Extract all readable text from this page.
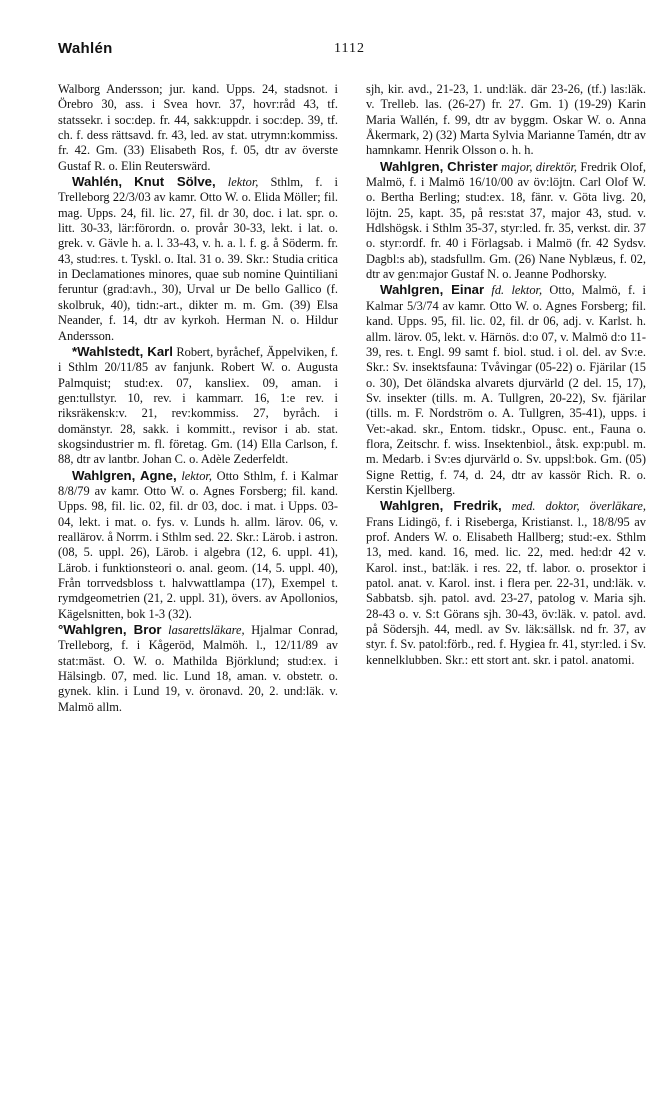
Wahlén	1112

Walborg Andersson; jur. kand. Upps. 24, stadsnot. i Örebro 30, ass. i Svea hovr. 37, hovr:råd 43, tf. statssekr. i soc:dep. fr. 44, sakk:uppdr. i soc:dep. 39, tf. ch. f. dess rättsavd. fr. 43, led. av stat. utrymn:kommiss. fr. 42. Gm. (33) Elisabeth Ros, f. 05, dtr av överste Gustaf R. o. Elin Reuterswärd.

Wahlén, Knut Sölve, lektor, Sthlm, f. i Trelleborg 22/3/03 av kamr. Otto W. o. Elida Möller; fil. mag. Upps. 24, fil. lic. 27, fil. dr 30, doc. i lat. spr. o. litt. 30-33, lär:förordn. o. provår 30-33, lekt. i lat. o. grek. v. Gävle h. a. l. 33-43, v. h. a. l. f. g. å Söderm. fr. 43, stud:res. t. Tyskl. o. Ital. 31 o. 39. Skr.: Studia critica in Declamationes minores, quae sub nomine Quintiliani feruntur (grad:avh., 30), Urval ur De bello Gallico (f. skolbruk, 40), tidn:-art., dikter m. m. Gm. (39) Elsa Neander, f. 14, dtr av kyrkoh. Herman N. o. Hildur Andersson.

*Wahlstedt, Karl Robert, byråchef, Äppelviken, f. i Sthlm 20/11/85 av fanjunk. Robert W. o. Augusta Palmquist; stud:ex. 07, kansliex. 09, aman. i gen:tullstyr. 10, rev. i kammarr. 16, 1:e rev. i riksräkensk:v. 21, rev:kommiss. 27, byråch. i domänstyr. 28, sakk. i kommitt., revisor i ab. stat. skogsindustrier m. fl. företag. Gm. (14) Ella Carlson, f. 88, dtr av lantbr. Johan C. o. Adèle Zederfeldt.

Wahlgren, Agne, lektor, Otto Sthlm, f. i Kalmar 8/8/79 av kamr. Otto W. o. Agnes Forsberg; fil. kand. Upps. 98, fil. lic. 02, fil. dr 03, doc. i mat. i Upps. 03-04, lekt. i mat. o. fys. v. Lunds h. allm. lärov. 06, v. reallärov. å Norrm. i Sthlm sed. 22. Skr.: Lärob. i astron. (08, 5. uppl. 26), Lärob. i algebra (12, 6. uppl. 41), Lärob. i funktionsteori o. anal. geom. (14, 5. uppl. 40), Från torrvedsbloss t. halvwattlampa (17), Exempel t. rymdgeometrien (21, 2. uppl. 31), övers. av Apollonios, Kägelsnitten, bok 1-3 (32).

°Wahlgren, Bror lasarettsläkare, Hjalmar Conrad, Trelleborg, f. i Kågeröd, Malmöh. l., 12/11/89 av stat:mäst. O. W. o. Mathilda Björklund; stud:ex. i Hälsingb. 07, med. lic. Lund 18, aman. v. obstetr. o. gynek. klin. i Lund 19, v. öronavd. 20, 2. und:läk. v. Malmö allm.

sjh, kir. avd., 21-23, 1. und:läk. där 23-26, (tf.) las:läk. v. Trelleb. las. (26-27) fr. 27. Gm. 1) (19-29) Karin Maria Wallén, f. 99, dtr av byggm. Oskar W. o. Anna Åkermark, 2) (32) Marta Sylvia Marianne Tamén, dtr av hamnkamr. Henrik Olsson o. h. h.

Wahlgren, Christer major, direktör, Fredrik Olof, Malmö, f. i Malmö 16/10/00 av öv:löjtn. Carl Olof W. o. Bertha Berling; stud:ex. 18, fänr. v. Göta livg. 20, löjtn. 25, kapt. 35, på res:stat 37, major 43, stud. v. Hdlshögsk. i Sthlm 35-37, styr:led. fr. 35, verkst. dir. 37 o. styr:ordf. fr. 40 i Förlagsab. i Malmö (fr. 42 Sydsv. Dagbl:s ab), stadsfullm. Gm. (26) Nane Nyblæus, f. 02, dtr av gen:major Gustaf N. o. Jeanne Podhorsky.

Wahlgren, Einar fd. lektor, Otto, Malmö, f. i Kalmar 5/3/74 av kamr. Otto W. o. Agnes Forsberg; fil. kand. Upps. 95, fil. lic. 02, fil. dr 06, adj. v. Karlst. h. allm. lärov. 05, lekt. v. Härnös. d:o 07, v. Malmö d:o 11-39, res. t. Engl. 99 samt f. biol. stud. i ol. del. av Sv:e. Skr.: Sv. insektsfauna: Tvåvingar (05-22) o. Fjärilar (15 o. 30), Det öländska alvarets djurvärld (2 del. 15, 17), Sv. insekter (tills. m. A. Tullgren, 20-22), Sv. fjärilar (tills. m. F. Nordström o. A. Tullgren, 35-41), upps. i Vet:-akad. skr., Entom. tidskr., Opusc. ent., Fauna o. flora, Zeitschr. f. wiss. Insektenbiol., åtsk. exp:publ. m. m. Medarb. i Sv:es djurvärld o. Sv. uppsl:bok. Gm. (05) Signe Rettig, f. 74, d. 24, dtr av kassör Rich. R. o. Kerstin Kjellberg.

Wahlgren, Fredrik, med. doktor, överläkare, Frans Lidingö, f. i Riseberga, Kristianst. l., 18/8/95 av prof. Anders W. o. Elisabeth Hallberg; stud:-ex. Sthlm 13, med. kand. 16, med. lic. 22, med. hed:dr 42 v. Karol. inst., bat:läk. i res. 22, tf. labor. o. prosektor i patol. anat. v. Karol. inst. i flera per. 22-31, und:läk. v. Sabbatsb. sjh. patol. avd. 23-27, patolog v. Maria sjh. 28-43 o. v. S:t Görans sjh. 30-43, öv:läk. v. patol. avd. på Södersjh. 44, medl. av Sv. läk:sällsk. nd fr. 37, av styr. f. Sv. patol:förb., red. f. Hygiea fr. 41, styr:led. i Sv. kennelklubben. Skr.: ett stort ant. skr. i patol. anatomi.
